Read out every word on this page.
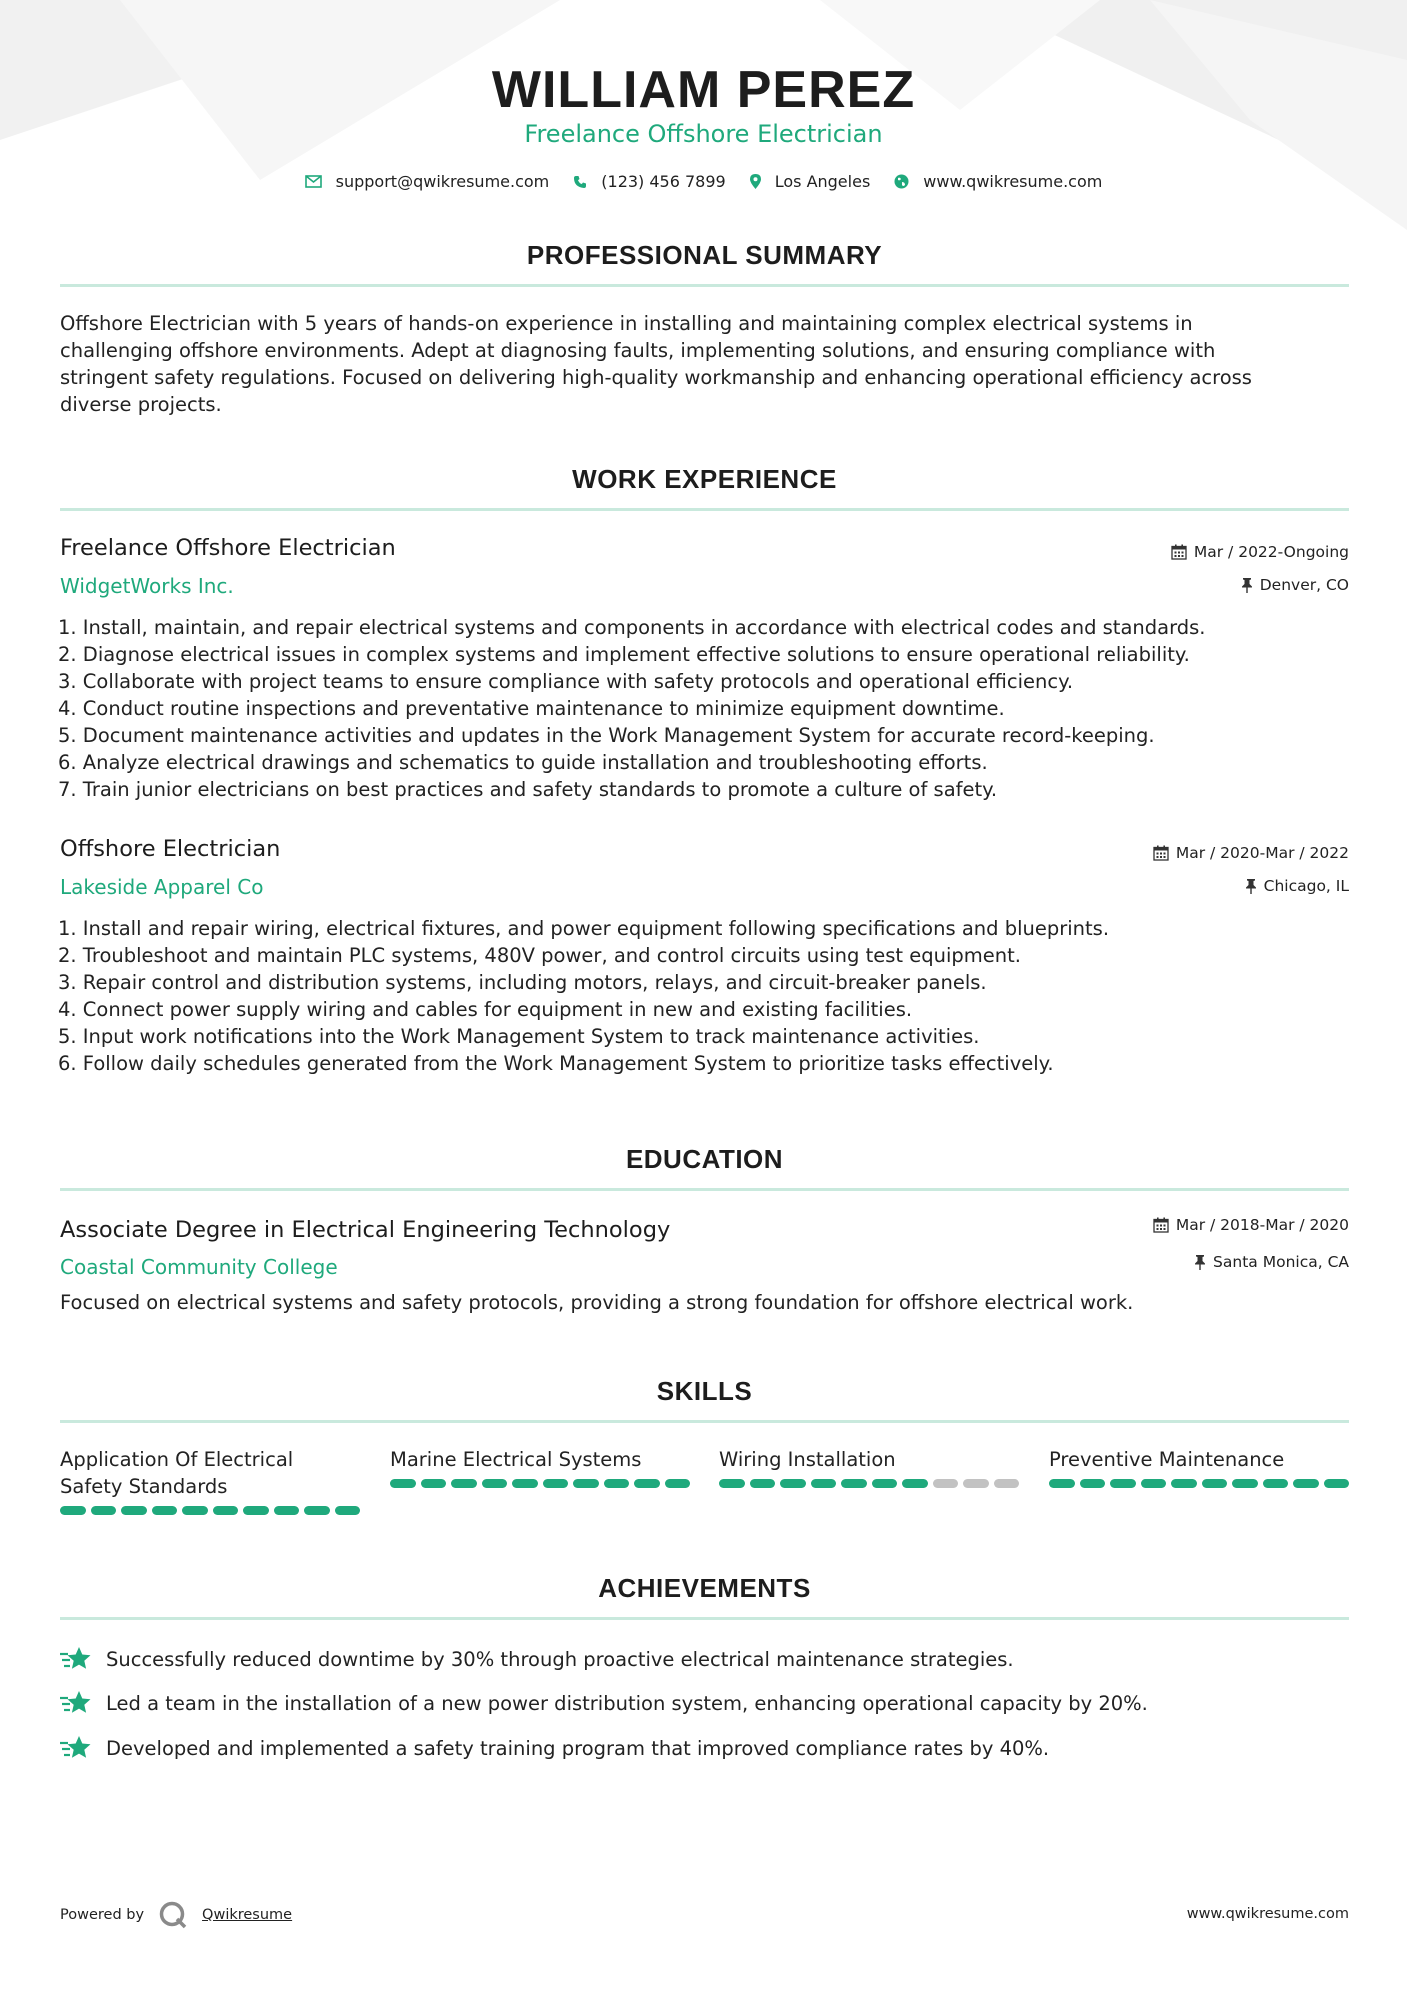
WILLIAM PEREZ
Freelance Offshore Electrician
support@qwikresume.com	(123) 456 7899	Los Angeles	www.qwikresume.com
PROFESSIONAL SUMMARY
Offshore Electrician with 5 years of hands-on experience in installing and maintaining complex electrical systems in
challenging offshore environments. Adept at diagnosing faults, implementing solutions, and ensuring compliance with
stringent safety regulations. Focused on delivering high-quality workmanship and enhancing operational efficiency across
diverse projects.
WORK EXPERIENCE
Freelance Offshore Electrician	Mar / 2022-Ongoing
WidgetWorks Inc.	Denver, CO
1. Install, maintain, and repair electrical systems and components in accordance with electrical codes and standards.
2. Diagnose electrical issues in complex systems and implement effective solutions to ensure operational reliability.
3. Collaborate with project teams to ensure compliance with safety protocols and operational efficiency.
4. Conduct routine inspections and preventative maintenance to minimize equipment downtime.
5. Document maintenance activities and updates in the Work Management System for accurate record-keeping.
6. Analyze electrical drawings and schematics to guide installation and troubleshooting efforts.
7. Train junior electricians on best practices and safety standards to promote a culture of safety.
Offshore Electrician	Mar / 2020-Mar / 2022
Lakeside Apparel Co	Chicago, IL
1. Install and repair wiring, electrical fixtures, and power equipment following specifications and blueprints.
2. Troubleshoot and maintain PLC systems, 480V power, and control circuits using test equipment.
3. Repair control and distribution systems, including motors, relays, and circuit-breaker panels.
4. Connect power supply wiring and cables for equipment in new and existing facilities.
5. Input work notifications into the Work Management System to track maintenance activities.
6. Follow daily schedules generated from the Work Management System to prioritize tasks effectively.
EDUCATION
Associate Degree in Electrical Engineering Technology	Mar / 2018-Mar / 2020
Coastal Community College	Santa Monica, CA
Focused on electrical systems and safety protocols, providing a strong foundation for offshore electrical work.
SKILLS
Application Of Electrical Safety Standards
Marine Electrical Systems	Wiring Installation	Preventive Maintenance
ACHIEVEMENTS
Successfully reduced downtime by 30% through proactive electrical maintenance strategies.
Led a team in the installation of a new power distribution system, enhancing operational capacity by 20%.
Developed and implemented a safety training program that improved compliance rates by 40%.
Powered by	Qwikresume	www.qwikresume.com
